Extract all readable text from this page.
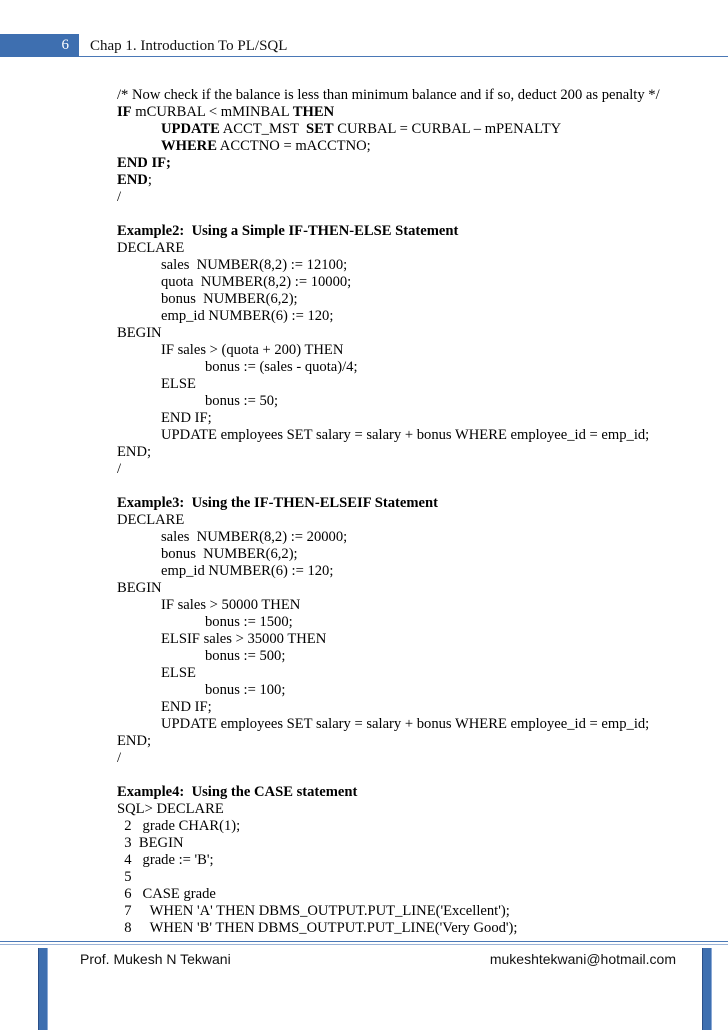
6	Chap 1. Introduction To PL/SQL
/* Now check if the balance is less than minimum balance and if so, deduct 200 as penalty */
IF mCURBAL < mMINBAL THEN
UPDATE ACCT_MST  SET CURBAL = CURBAL – mPENALTY
WHERE ACCTNO = mACCTNO;
END IF;
END;
/
Example2:  Using a Simple IF-THEN-ELSE Statement
DECLARE
sales  NUMBER(8,2) := 12100;
quota  NUMBER(8,2) := 10000;
bonus  NUMBER(6,2);
emp_id NUMBER(6) := 120;
BEGIN
IF sales > (quota + 200) THEN
bonus := (sales - quota)/4;
ELSE
bonus := 50;
END IF;
UPDATE employees SET salary = salary + bonus WHERE employee_id = emp_id;
END;
/
Example3:  Using the IF-THEN-ELSEIF Statement
DECLARE
sales  NUMBER(8,2) := 20000;
bonus  NUMBER(6,2);
emp_id NUMBER(6) := 120;
BEGIN
IF sales > 50000 THEN
bonus := 1500;
ELSIF sales > 35000 THEN
bonus := 500;
ELSE
bonus := 100;
END IF;
UPDATE employees SET salary = salary + bonus WHERE employee_id = emp_id;
END;
/
Example4:  Using the CASE statement
SQL> DECLARE
2   grade CHAR(1);
3  BEGIN
4   grade := 'B';
5
6   CASE grade
7     WHEN 'A' THEN DBMS_OUTPUT.PUT_LINE('Excellent');
8     WHEN 'B' THEN DBMS_OUTPUT.PUT_LINE('Very Good');
Prof. Mukesh N Tekwani	mukeshtekwani@hotmail.com
